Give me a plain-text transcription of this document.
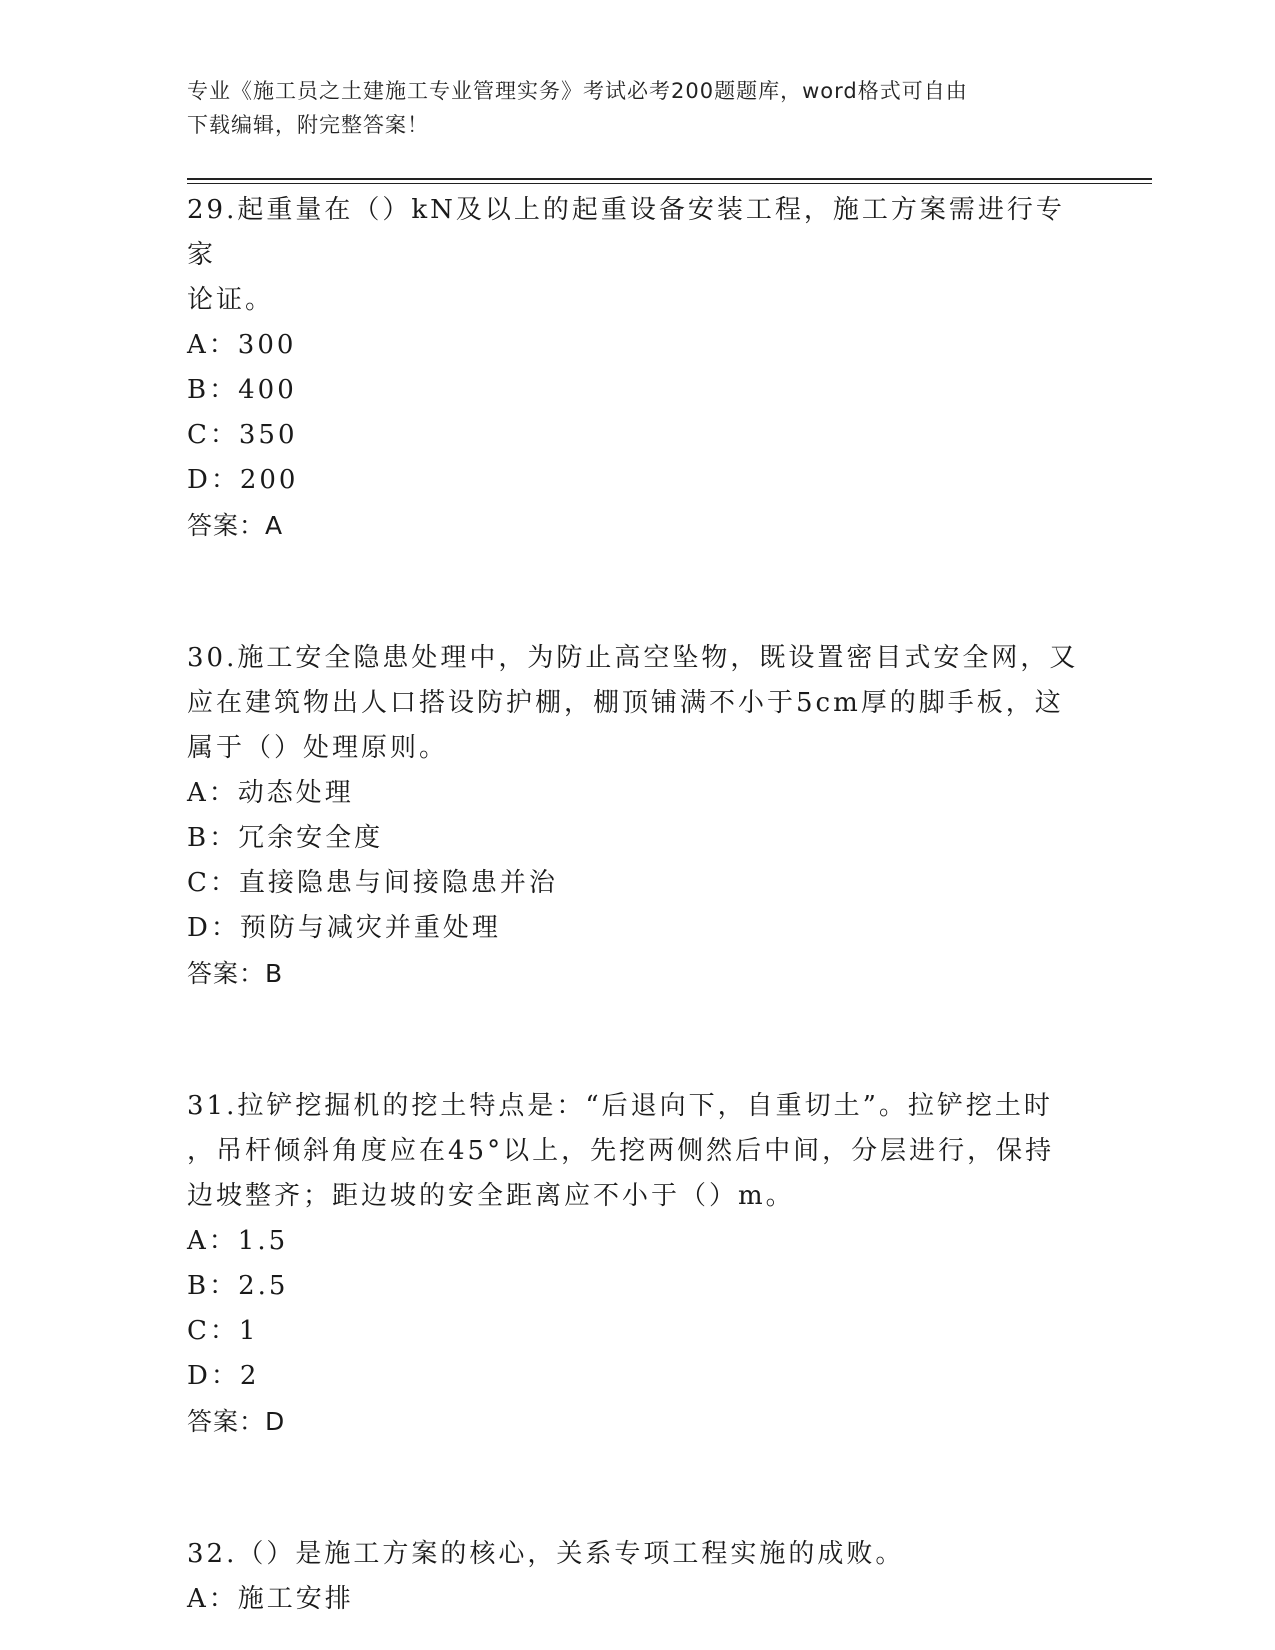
专业《施工员之土建施工专业管理实务》考试必考200题题库，word格式可自由
下载编辑，附完整答案！

29.起重量在（）kN及以上的起重设备安装工程，施工方案需进行专家

论证。

A：300

B：400

C：350

D：200

答案：A

30.施工安全隐患处理中，为防止高空坠物，既设置密目式安全网，又

应在建筑物出人口搭设防护棚，棚顶铺满不小于5cm厚的脚手板，这

属于（）处理原则。

A：动态处理

B：冗余安全度

C：直接隐患与间接隐患并治

D：预防与减灾并重处理

答案：B

31.拉铲挖掘机的挖土特点是：“后退向下，自重切土”。拉铲挖土时

，吊杆倾斜角度应在45°以上，先挖两侧然后中间，分层进行，保持

边坡整齐；距边坡的安全距离应不小于（）m。

A：1.5

B：2.5

C：1

D：2

答案：D

32.（）是施工方案的核心，关系专项工程实施的成败。

A：施工安排
